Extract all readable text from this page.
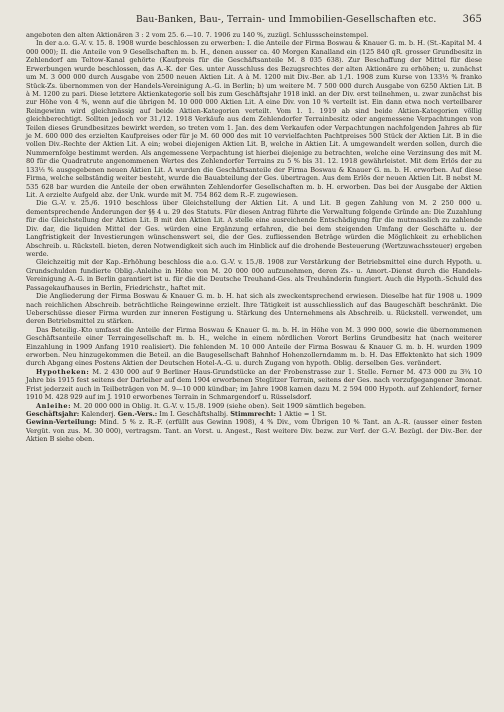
Bau-Banken, Bau-, Terrain- und Immobilien-Gesellschaften etc.	365

angeboten den alten Aktionären 3 : 2 vom 25. 6.—10. 7. 1906 zu 140 %, zuzügl. Schlussscheinstempel.

In der a.o. G.-V. v. 15. 8. 1908 wurde beschlossen zu erwerben: I. die Anteile der Firma Boswau & Knauer G. m. b. H. (St.-Kapital M. 4 000 000); II. die Anteile von 9 Gesellschaften m. b. H., denen ausser ca. 40 Morgen Kanalland ein (125 840 qR. grosser Grundbesitz in Zehlendorf am Teltow-Kanal gehörte (Kaufpreis für die Geschäftsanteile M. 8 035 638). Zur Beschaffung der Mittel für diese Erwerbungen wurde beschlossen, das A.-K. der Ges. unter Ausschluss des Bezugsrechtes der alten Aktionäre zu erhöhen; u. zunächst um M. 3 000 000 durch Ausgabe von 2500 neuen Aktien Lit. A à M. 1200 mit Div.-Ber. ab 1./1. 1908 zum Kurse von 133⅓ % franko Stück-Zs. übernommen von der Handels-Vereinigung A.-G. in Berlin; b) um weitere M. 7 500 000 durch Ausgabe von 6250 Aktien Lit. B à M. 1200 zu pari. Diese letztere Aktienkategorie soll bis zum Geschäftsjahr 1918 inkl. an der Div. erst teilnehmen, u. zwar zunächst bis zur Höhe von 4 %, wenn auf die übrigen M. 10 000 000 Aktien Lit. A eine Div. von 10 % verteilt ist. Ein dann etwa noch verteilbarer Reingewinn wird gleichmässig auf beide Aktien-Kategorien verteilt. Vom 1. 1. 1919 ab sind beide Aktien-Kategorien völlig gleichberechtigt. Sollten jedoch vor 31./12. 1918 Verkäufe aus dem Zehlendorfer Terrainbesitz oder angemessene Verpachtungen von Teilen dieses Grundbesitzes bewirkt werden, so treten vom 1. Jan. des dem Verkaufen oder Verpachtungen nachfolgenden Jahres ab für je M. 600 000 des erzielten Kaufpreises oder für je M. 60 000 des mit 10 vervielfachten Pachtpreises 500 Stück der Aktien Lit. B in die vollen Div.-Rechte der Aktien Lit. A ein; wobei diejenigen Aktien Lit. B, welche in Aktien Lit. A umgewandelt werden sollen, durch die Nummernfolge bestimmt werden. Als angemessene Verpachtung ist hierbei diejenige zu betrachten, welche eine Verzinsung des mit M. 80 für die Quadratrute angenommenen Wertes des Zehlendorfer Terrains zu 5 % bis 31. 12. 1918 gewährleistet. Mit dem Erlös der zu 133⅓ % ausgegebenen neuen Aktien Lit. A wurden die Geschäftsanteile der Firma Boswau & Knauer G. m. b. H. erworben. Auf diese Firma, welche selbständig weiter besteht, wurde die Bauabteilung der Ges. übertragen. Aus dem Erlös der neuen Aktien Lit. B nebst M. 535 628 bar wurden die Anteile der oben erwähnten Zehlendorfer Gesellschaften m. b. H. erworben. Das bei der Ausgabe der Aktien Lit. A erzielte Aufgeld abz. der Unk. wurde mit M. 754 862 dem R.-F. zugewiesen.

Die G.-V. v. 25./6. 1910 beschloss über Gleichstellung der Aktien Lit. A und Lit. B gegen Zahlung von M. 2 250 000 u. dementsprechende Änderungen der §§ 4 u. 29 des Statuts. Für diesen Antrag führte die Verwaltung folgende Gründe an: Die Zuzahlung für die Gleichstellung der Aktien Lit. B mit den Aktien Lit. A stelle eine ausreichende Entschädigung für die mutmasslich zu zahlende Div. dar, die liquiden Mittel der Ges. würden eine Ergänzung erfahren, die bei dem steigenden Umfang der Geschäfte u. der Langfristigkeit der Investierungen wünschenswert sei, die der Ges. zufliessenden Beträge würden die Möglichkeit zu erheblichen Abschreib. u. Rückstell. bieten, deren Notwendigkeit sich auch im Hinblick auf die drohende Besteuerung (Wertzuwachssteuer) ergeben werde.

Gleichzeitig mit der Kap.-Erhöhung beschloss die a.o. G.-V. v. 15./8. 1908 zur Verstärkung der Betriebsmittel eine durch Hypoth. u. Grundschulden fundierte Oblig.-Anleihe in Höhe von M. 20 000 000 aufzunehmen, deren Zs.- u. Amort.-Dienst durch die Handels-Vereinigung A.-G. in Berlin garantiert ist u. für die die Deutsche Treuhand-Ges. als Treuhänderin fungiert. Auch die Hypoth.-Schuld des Passagekaufhauses in Berlin, Friedrichstr., haftet mit.

Die Angliederung der Firma Boswau & Knauer G. m. b. H. hat sich als zweckentsprechend erwiesen. Dieselbe hat für 1908 u. 1909 nach reichlichen Abschreib. beträchtliche Reingewinne erzielt. Ihre Tätigkeit ist ausschliesslich auf das Baugeschäft beschränkt. Die Ueberschüsse dieser Firma wurden zur inneren Festigung u. Stärkung des Unternehmens als Abschreib. u. Rückstell. verwendet, um deren Betriebsmittel zu stärken.

Das Beteilig.-Kto umfasst die Anteile der Firma Boswau & Knauer G. m. b. H. in Höhe von M. 3 990 000, sowie die übernommenen Geschäftsanteile einer Terraingesellschaft m. b. H., welche in einem nördlichen Vorort Berlins Grundbesitz hat (nach weiterer Einzahlung in 1909 Anfang 1910 realisiert). Die fehlenden M. 10 000 Anteile der Firma Boswau & Knauer G. m. b. H. wurden 1909 erworben. Neu hinzugekommen die Beteil. an die Baugesellschaft Bahnhof Hohenzollerndamm m. b. H. Das Effektenkto hat sich 1909 durch Abgang eines Postens Aktien der Deutschen Hotel-A.-G. u. durch Zugang von hypoth. Oblig. derselben Ges. verändert.

Hypotheken: M. 2 430 000 auf 9 Berliner Haus-Grundstücke an der Frobenstrasse zur 1. Stelle. Ferner M. 473 000 zu 3¾ 10 Jahre bis 1915 fest seitens der Darleiher auf dem 1904 erworbenen Steglitzer Terrain, seitens der Ges. nach vorzufgegangener 3monat. Frist jederzeit auch in Teilbeträgen von M. 9—10 000 kündbar; im Jahre 1908 kamen dazu M. 2 594 000 Hypoth. auf Zehlendorf, ferner 1910 M. 428 929 auf im J. 1910 erworbenes Terrain in Schmargendorf u. Rüsselsdorf.

Anleihe: M. 20 000 000 in Oblig. lt. G.-V. v. 15./8. 1909 (siehe oben). Seit 1909 sämtlich begeben.

Geschäftsjahr: Kalenderj. Gen.-Vers.: Im I. Geschäftshalbj. Stimmrecht: 1 Aktie = 1 St.

Gewinn-Verteilung: Mind. 5 % z. R.-F. (erfüllt aus Gewinn 1908), 4 % Div., vom Übrigen 10 % Tant. an A.-R. (ausser einer festen Vergüt. von zus. M. 30 000), vertragsm. Tant. an Vorst. u. Angest., Rest weitere Div. bezw. zur Verf. der G.-V. Bezügl. der Div.-Ber. der Aktien B siehe oben.
